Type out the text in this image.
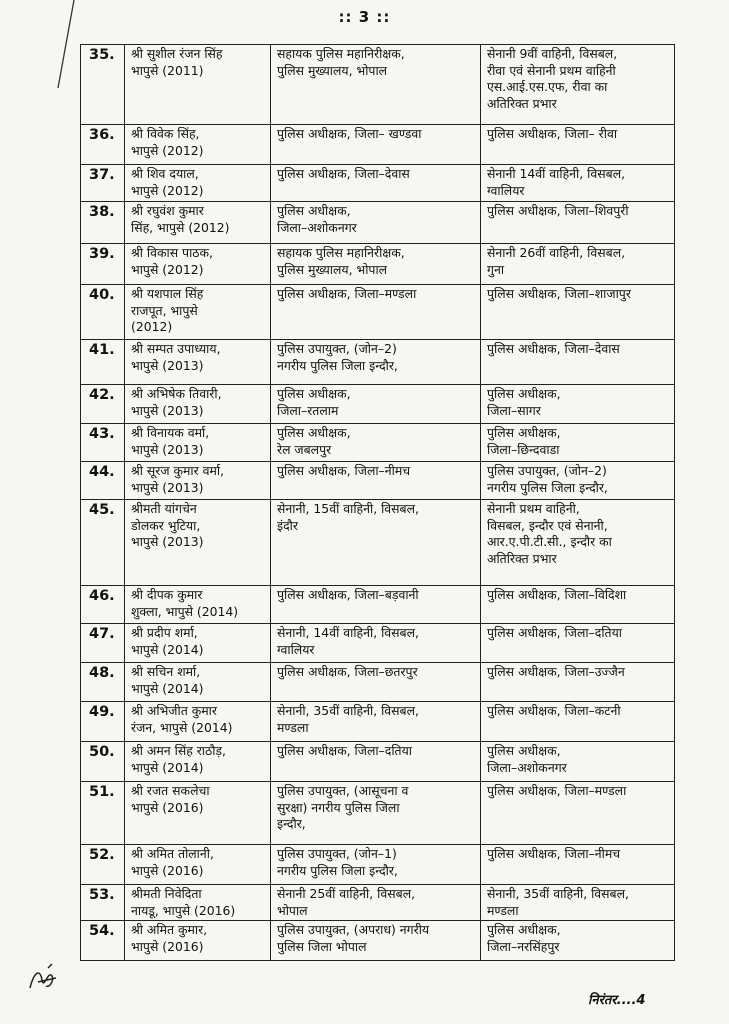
:: 3 ::
35.	श्री सुशील रंजन सिंह
भापुसे (2011)	सहायक पुलिस महानिरीक्षक,
पुलिस मुख्यालय, भोपाल	सेनानी 9वीं वाहिनी, विसबल,
रीवा एवं सेनानी प्रथम वाहिनी
एस.आई.एस.एफ, रीवा का
अतिरिक्त प्रभार
36.	श्री विवेक सिंह,
भापुसे (2012)	पुलिस अधीक्षक, जिला– खण्डवा	पुलिस अधीक्षक, जिला– रीवा
37.	श्री शिव दयाल,
भापुसे (2012)	पुलिस अधीक्षक, जिला–देवास	सेनानी 14वीं वाहिनी, विसबल,
ग्वालियर
38.	श्री रघुवंश कुमार
सिंह, भापुसे (2012)	पुलिस अधीक्षक,
जिला–अशोकनगर	पुलिस अधीक्षक, जिला–शिवपुरी
39.	श्री विकास पाठक,
भापुसे (2012)	सहायक पुलिस महानिरीक्षक,
पुलिस मुख्यालय, भोपाल	सेनानी 26वीं वाहिनी, विसबल,
गुना
40.	श्री यशपाल सिंह
राजपूत, भापुसे
(2012)	पुलिस अधीक्षक, जिला–मण्डला	पुलिस अधीक्षक, जिला–शाजापुर
41.	श्री सम्पत उपाध्याय,
भापुसे (2013)	पुलिस उपायुक्त, (जोन–2)
नगरीय पुलिस जिला इन्दौर,	पुलिस अधीक्षक, जिला–देवास
42.	श्री अभिषेक तिवारी,
भापुसे (2013)	पुलिस अधीक्षक,
जिला–रतलाम	पुलिस अधीक्षक,
जिला–सागर
43.	श्री विनायक वर्मा,
भापुसे (2013)	पुलिस अधीक्षक,
रेल जबलपुर	पुलिस अधीक्षक,
जिला–छिन्दवाडा
44.	श्री सूरज कुमार वर्मा,
भापुसे (2013)	पुलिस अधीक्षक, जिला–नीमच	पुलिस उपायुक्त, (जोन–2)
नगरीय पुलिस जिला इन्दौर,
45.	श्रीमती यांगचेन
डोलकर भुटिया,
भापुसे (2013)	सेनानी, 15वीं वाहिनी, विसबल,
इंदौर	सेनानी प्रथम वाहिनी,
विसबल, इन्दौर एवं सेनानी,
आर.ए.पी.टी.सी., इन्दौर का
अतिरिक्त प्रभार
46.	श्री दीपक कुमार
शुक्ला, भापुसे (2014)	पुलिस अधीक्षक, जिला–बड़वानी	पुलिस अधीक्षक, जिला–विदिशा
47.	श्री प्रदीप शर्मा,
भापुसे (2014)	सेनानी, 14वीं वाहिनी, विसबल,
ग्वालियर	पुलिस अधीक्षक, जिला–दतिया
48.	श्री सचिन शर्मा,
भापुसे (2014)	पुलिस अधीक्षक, जिला–छतरपुर	पुलिस अधीक्षक, जिला–उज्जैन
49.	श्री अभिजीत कुमार
रंजन, भापुसे (2014)	सेनानी, 35वीं वाहिनी, विसबल,
मण्डला	पुलिस अधीक्षक, जिला–कटनी
50.	श्री अमन सिंह राठौड़,
भापुसे (2014)	पुलिस अधीक्षक, जिला–दतिया	पुलिस अधीक्षक,
जिला–अशोकनगर
51.	श्री रजत सकलेचा
भापुसे (2016)	पुलिस उपायुक्त, (आसूचना व
सुरक्षा) नगरीय पुलिस जिला
इन्दौर,	पुलिस अधीक्षक, जिला–मण्डला
52.	श्री अमित तोलानी,
भापुसे (2016)	पुलिस उपायुक्त, (जोन–1)
नगरीय पुलिस जिला इन्दौर,	पुलिस अधीक्षक, जिला–नीमच
53.	श्रीमती निवेदिता
नायडू, भापुसे (2016)	सेनानी 25वीं वाहिनी, विसबल,
भोपाल	सेनानी, 35वीं वाहिनी, विसबल,
मण्डला
54.	श्री अमित कुमार,
भापुसे (2016)	पुलिस उपायुक्त, (अपराध) नगरीय
पुलिस जिला भोपाल	पुलिस अधीक्षक,
जिला–नरसिंहपुर
निरंतर....4
